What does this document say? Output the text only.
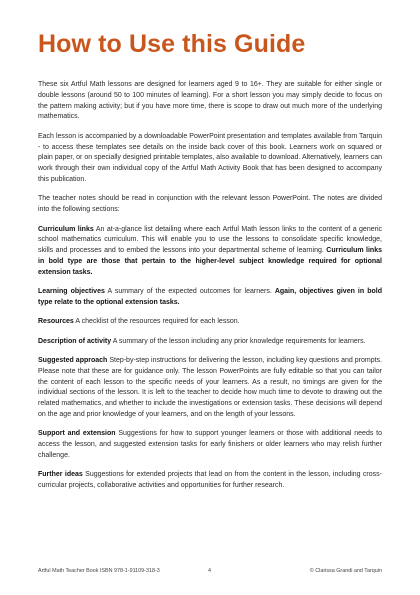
How to Use this Guide

These six Artful Math lessons are designed for learners aged 9 to 16+. They are suitable for either single or double lessons (around 50 to 100 minutes of learning). For a short lesson you may simply decide to focus on the pattern making activity; but if you have more time, there is scope to draw out much more of the underlying mathematics.

Each lesson is accompanied by a downloadable PowerPoint presentation and templates available from Tarquin - to access these templates see details on the inside back cover of this book. Learners work on squared or plain paper, or on specially designed printable templates, also available to download. Alternatively, learners can work through their own individual copy of the Artful Math Activity Book that has been designed to accompany this publication.

The teacher notes should be read in conjunction with the relevant lesson PowerPoint. The notes are divided into the following sections:

Curriculum links An at-a-glance list detailing where each Artful Math lesson links to the content of a generic school mathematics curriculum. This will enable you to use the lessons to consolidate specific knowledge, skills and processes and to embed the lessons into your departmental scheme of learning. Curriculum links in bold type are those that pertain to the higher-level subject knowledge required for optional extension tasks.

Learning objectives A summary of the expected outcomes for learners. Again, objectives given in bold type relate to the optional extension tasks.

Resources A checklist of the resources required for each lesson.

Description of activity A summary of the lesson including any prior knowledge requirements for learners.

Suggested approach Step-by-step instructions for delivering the lesson, including key questions and prompts. Please note that these are for guidance only. The lesson PowerPoints are fully editable so that you can tailor the content of each lesson to the specific needs of your learners. As a result, no timings are given for the individual sections of the lesson. It is left to the teacher to decide how much time to devote to drawing out the related mathematics, and whether to include the investigations or extension tasks. These decisions will depend on the age and prior knowledge of your learners, and on the length of your lessons.

Support and extension Suggestions for how to support younger learners or those with additional needs to access the lesson, and suggested extension tasks for early finishers or older learners who may relish further challenge.

Further ideas Suggestions for extended projects that lead on from the content in the lesson, including cross-curricular projects, collaborative activities and opportunities for further research.

Artful Math Teacher Book ISBN 978-1-91109-318-3	4	© Clarissa Grandi and Tarquin
